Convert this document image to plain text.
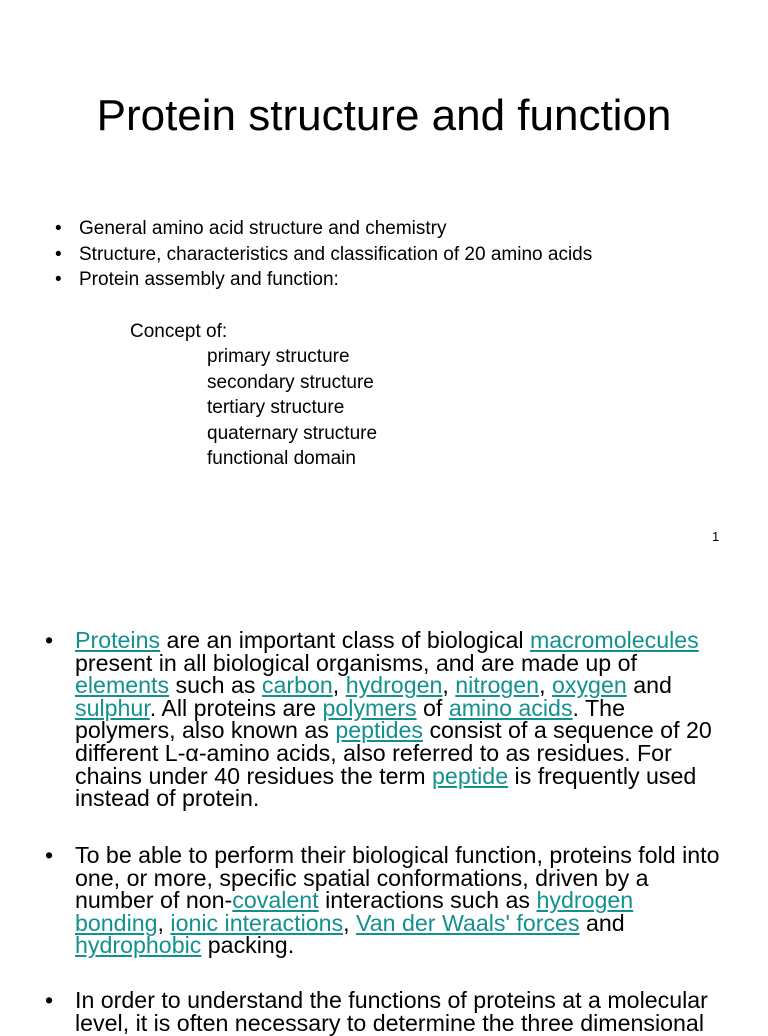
Protein structure and function
• General amino acid structure and chemistry
• Structure, characteristics and classification of 20 amino acids
• Protein assembly and function:
Concept of:
primary structure
secondary structure
tertiary structure
quaternary structure
functional domain
1

• Proteins are an important class of biological macromolecules present in all biological organisms, and are made up of elements such as carbon, hydrogen, nitrogen, oxygen and sulphur. All proteins are polymers of amino acids. The polymers, also known as peptides consist of a sequence of 20 different L-α-amino acids, also referred to as residues. For chains under 40 residues the term peptide is frequently used instead of protein.

• To be able to perform their biological function, proteins fold into one, or more, specific spatial conformations, driven by a number of non-covalent interactions such as hydrogen bonding, ionic interactions, Van der Waals' forces and hydrophobic packing.

• In order to understand the functions of proteins at a molecular level, it is often necessary to determine the three dimensional
